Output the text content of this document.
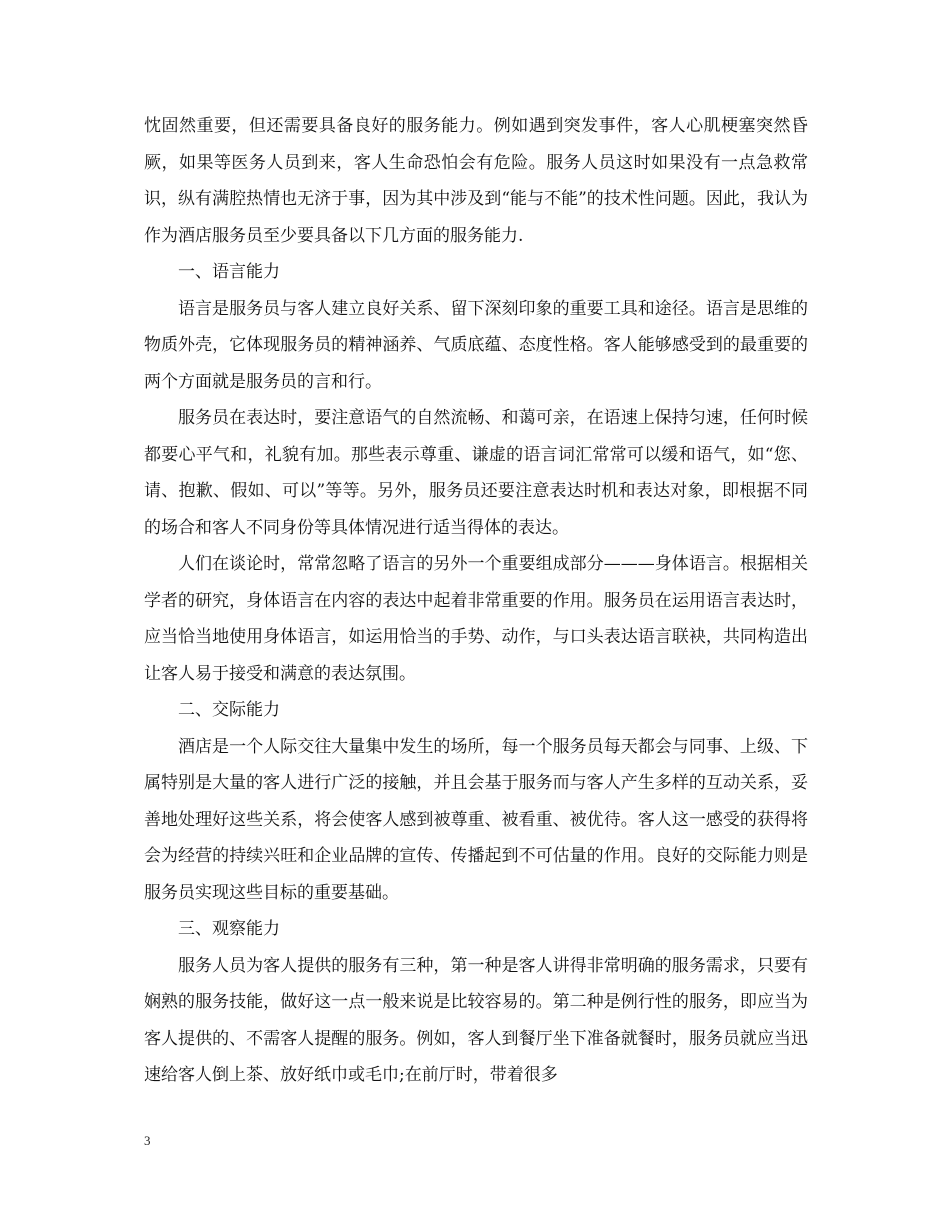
忱固然重要，但还需要具备良好的服务能力。例如遇到突发事件，客人心肌梗塞突然昏厥，如果等医务人员到来，客人生命恐怕会有危险。服务人员这时如果没有一点急救常识，纵有满腔热情也无济于事，因为其中涉及到“能与不能”的技术性问题。因此，我认为作为酒店服务员至少要具备以下几方面的服务能力.

一、语言能力

语言是服务员与客人建立良好关系、留下深刻印象的重要工具和途径。语言是思维的物质外壳，它体现服务员的精神涵养、气质底蕴、态度性格。客人能够感受到的最重要的两个方面就是服务员的言和行。

服务员在表达时，要注意语气的自然流畅、和蔼可亲，在语速上保持匀速，任何时候都要心平气和，礼貌有加。那些表示尊重、谦虚的语言词汇常常可以缓和语气，如“您、请、抱歉、假如、可以”等等。另外，服务员还要注意表达时机和表达对象，即根据不同的场合和客人不同身份等具体情况进行适当得体的表达。

人们在谈论时，常常忽略了语言的另外一个重要组成部分———身体语言。根据相关学者的研究，身体语言在内容的表达中起着非常重要的作用。服务员在运用语言表达时，应当恰当地使用身体语言，如运用恰当的手势、动作，与口头表达语言联袂，共同构造出让客人易于接受和满意的表达氛围。

二、交际能力

酒店是一个人际交往大量集中发生的场所，每一个服务员每天都会与同事、上级、下属特别是大量的客人进行广泛的接触，并且会基于服务而与客人产生多样的互动关系，妥善地处理好这些关系，将会使客人感到被尊重、被看重、被优待。客人这一感受的获得将会为经营的持续兴旺和企业品牌的宣传、传播起到不可估量的作用。良好的交际能力则是服务员实现这些目标的重要基础。

三、观察能力

服务人员为客人提供的服务有三种，第一种是客人讲得非常明确的服务需求，只要有娴熟的服务技能，做好这一点一般来说是比较容易的。第二种是例行性的服务，即应当为客人提供的、不需客人提醒的服务。例如，客人到餐厅坐下准备就餐时，服务员就应当迅速给客人倒上茶、放好纸巾或毛巾;在前厅时，带着很多

3
